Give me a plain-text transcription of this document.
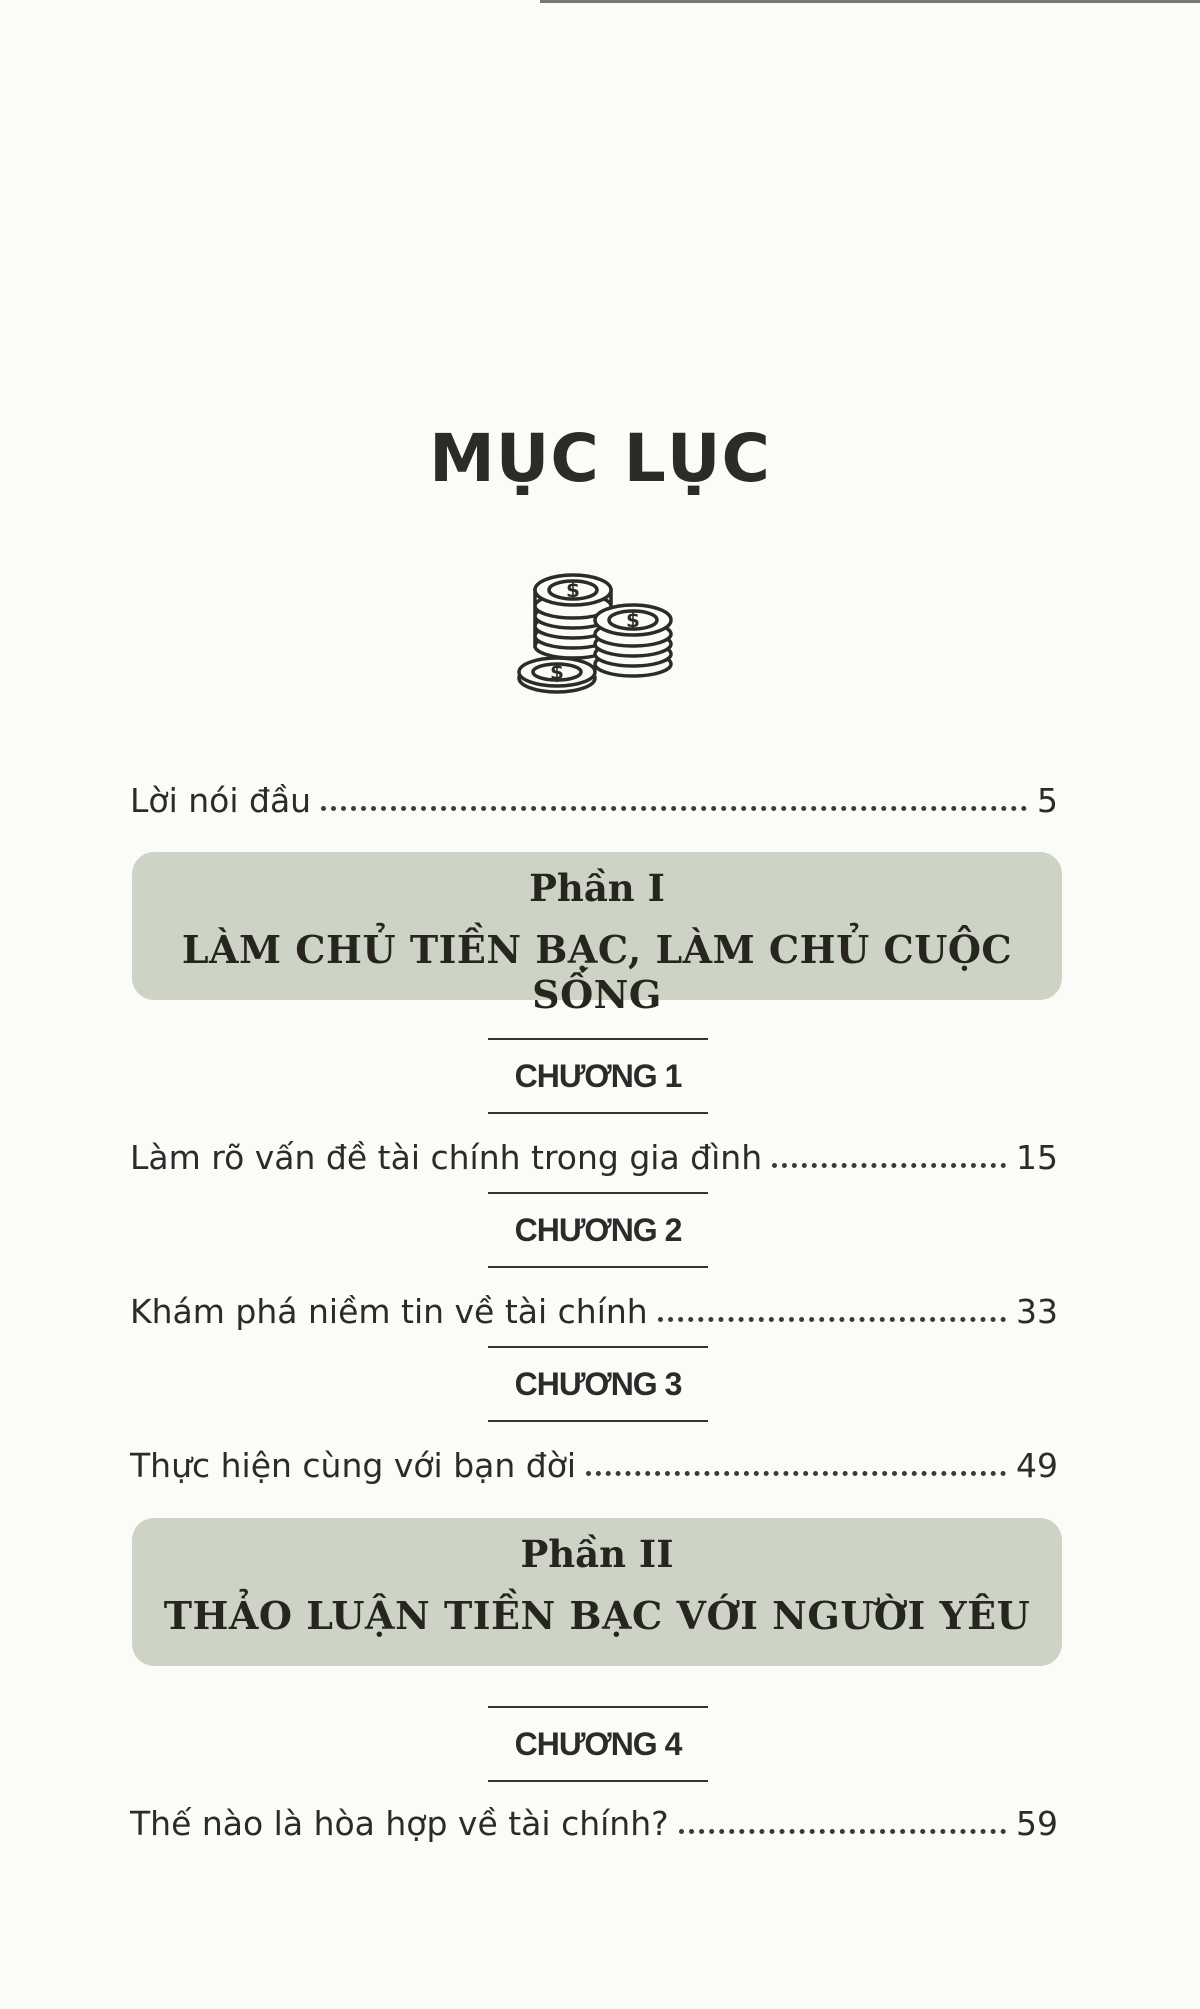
MỤC LỤC
$
$
$
Lời nói đầu	5
Phần I
LÀM CHỦ TIỀN BẠC, LÀM CHỦ CUỘC SỐNG
CHƯƠNG 1
Làm rõ vấn đề tài chính trong gia đình	15
CHƯƠNG 2
Khám phá niềm tin về tài chính	33
CHƯƠNG 3
Thực hiện cùng với bạn đời	49
Phần II
THẢO LUẬN TIỀN BẠC VỚI NGƯỜI YÊU
CHƯƠNG 4
Thế nào là hòa hợp về tài chính?	59
